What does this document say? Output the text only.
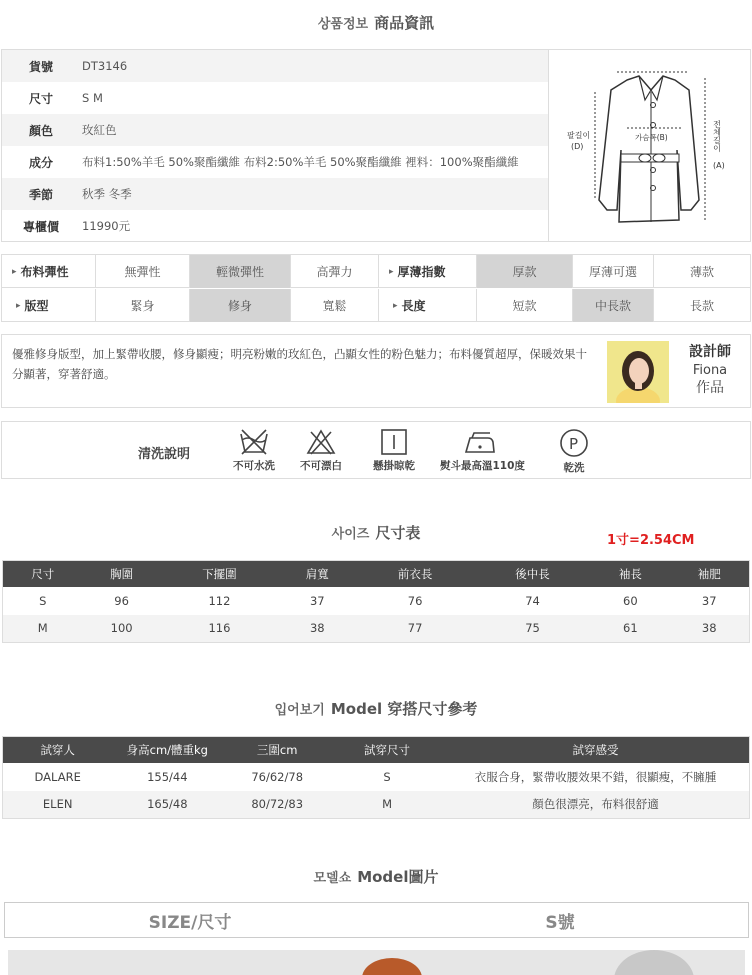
상품정보 商品資訊
貨號	DT3146
尺寸	S M
顏色	玫紅色
成分	布料1:50%羊毛 50%聚酯纖維 布料2:50%羊毛 50%聚酯纖維 裡料：100%聚酯纖維
季節	秋季 冬季
專櫃價	11990元
팔길이
(D)
가슴폭(B)	전체길이
(A)
▸ 布料彈性	無彈性	輕微彈性	高彈力	▸ 厚薄指數	厚款	厚薄可選	薄款
▸ 版型	緊身	修身	寬鬆	▸ 長度	短款	中長款	長款
優雅修身版型，加上緊帶收腰，修身顯瘦；明亮粉嫩的玫紅色，凸顯女性的粉色魅力；布料優質超厚，保暖效果十分顯著，穿著舒適。
設計師
Fiona
作品
清洗說明
不可水洗	不可漂白	懸掛晾乾	熨斗最高溫110度
P
乾洗
사이즈 尺寸表	1寸=2.54CM
尺寸	胸圍	下擺圍	肩寬	前衣長	後中長	袖長	袖肥
S	96	112	37	76	74	60	37
M	100	116	38	77	75	61	38
입어보기 Model 穿搭尺寸參考
試穿人	身高cm/體重kg	三圍cm	試穿尺寸	試穿感受
DALARE	155/44	76/62/78	S	衣服合身，緊帶收腰效果不錯，很顯瘦，不臃腫
ELEN	165/48	80/72/83	M	顏色很漂亮，布料很舒適
모델쇼 Model圖片
SIZE/尺寸	S號
